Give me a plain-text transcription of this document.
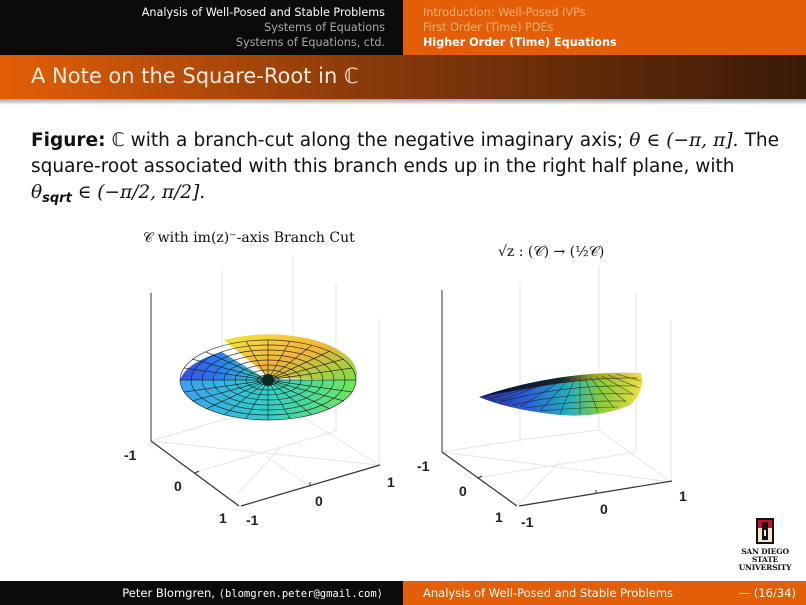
Analysis of Well-Posed and Stable Problems
Systems of Equations
Systems of Equations, ctd.
Introduction: Well-Posed IVPs
First Order (Time) PDEs
Higher Order (Time) Equations
A Note on the Square-Root in ℂ
Figure: ℂ with a branch-cut along the negative imaginary axis; θ ∈ (−π, π]. The square-root associated with this branch ends up in the right half plane, with
$\theta_{sqrt}$ ∈ (−π/2, π/2].
𝒞 with im(z)⁻-axis Branch Cut
-1
0
1 -1
0
1
√z : (𝒞) → (½𝒞)
-1
0
1 -1
0
1
SAN DIEGO STATE
UNIVERSITY
Peter Blomgren, ⟨blomgren.peter@gmail.com⟩	Analysis of Well-Posed and Stable Problems	— (16/34)
